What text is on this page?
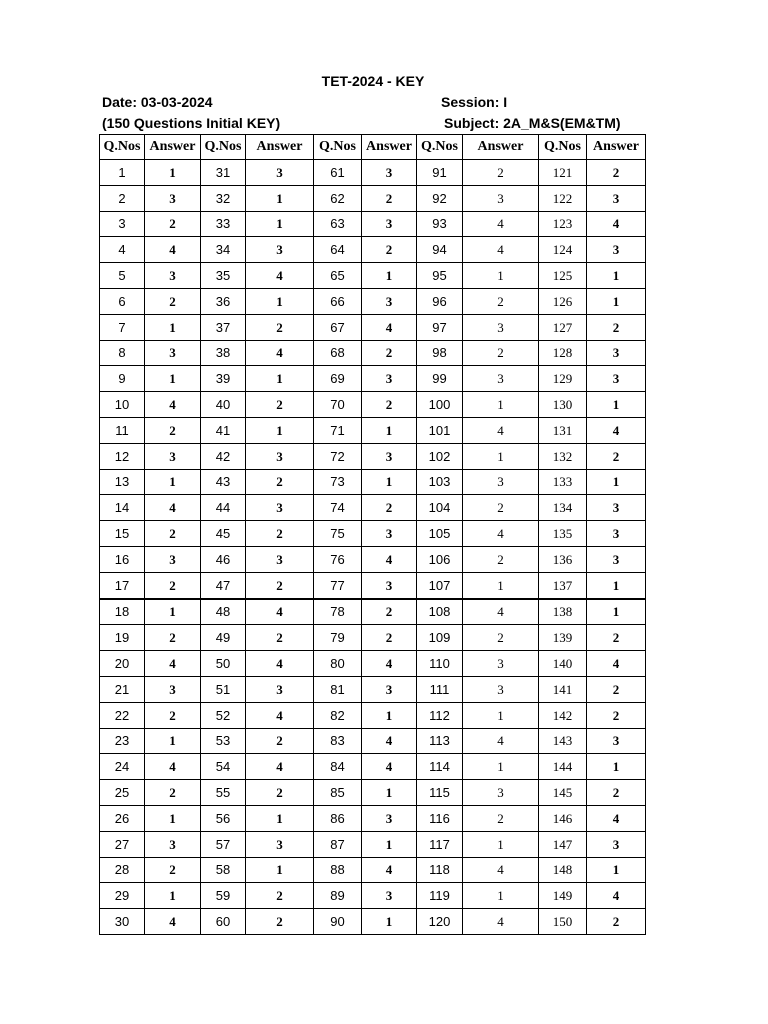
TET-2024 - KEY
Date: 03-03-2024	Session: I
(150 Questions Initial KEY)	Subject: 2A_M&S(EM&TM)
Q.Nos	Answer	Q.Nos	Answer	Q.Nos	Answer	Q.Nos	Answer	Q.Nos	Answer
1	1	31	3	61	3	91	2	121	2
2	3	32	1	62	2	92	3	122	3
3	2	33	1	63	3	93	4	123	4
4	4	34	3	64	2	94	4	124	3
5	3	35	4	65	1	95	1	125	1
6	2	36	1	66	3	96	2	126	1
7	1	37	2	67	4	97	3	127	2
8	3	38	4	68	2	98	2	128	3
9	1	39	1	69	3	99	3	129	3
10	4	40	2	70	2	100	1	130	1
11	2	41	1	71	1	101	4	131	4
12	3	42	3	72	3	102	1	132	2
13	1	43	2	73	1	103	3	133	1
14	4	44	3	74	2	104	2	134	3
15	2	45	2	75	3	105	4	135	3
16	3	46	3	76	4	106	2	136	3
17	2	47	2	77	3	107	1	137	1
18	1	48	4	78	2	108	4	138	1
19	2	49	2	79	2	109	2	139	2
20	4	50	4	80	4	110	3	140	4
21	3	51	3	81	3	111	3	141	2
22	2	52	4	82	1	112	1	142	2
23	1	53	2	83	4	113	4	143	3
24	4	54	4	84	4	114	1	144	1
25	2	55	2	85	1	115	3	145	2
26	1	56	1	86	3	116	2	146	4
27	3	57	3	87	1	117	1	147	3
28	2	58	1	88	4	118	4	148	1
29	1	59	2	89	3	119	1	149	4
30	4	60	2	90	1	120	4	150	2
